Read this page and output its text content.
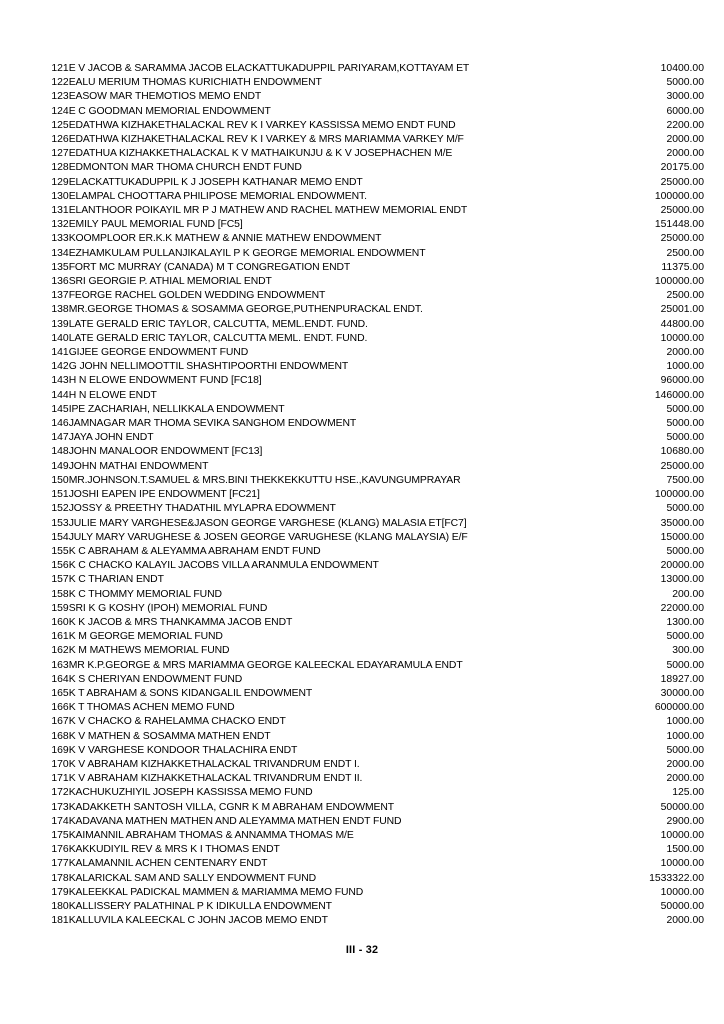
121	E V JACOB & SARAMMA JACOB ELACKATTUKADUPPIL PARIYARAM,KOTTAYAM ET	10400.00
122	EALU MERIUM THOMAS KURICHIATH ENDOWMENT	5000.00
123	EASOW MAR THEMOTIOS MEMO ENDT	3000.00
124	E C GOODMAN MEMORIAL ENDOWMENT	6000.00
125	EDATHWA KIZHAKETHALACKAL REV K I VARKEY KASSISSA MEMO ENDT FUND	2200.00
126	EDATHWA KIZHAKETHALACKAL REV K I VARKEY & MRS MARIAMMA VARKEY M/F	2000.00
127	EDATHUA KIZHAKKETHALACKAL K V MATHAIKUNJU & K V JOSEPHACHEN M/E	2000.00
128	EDMONTON MAR THOMA CHURCH ENDT FUND	20175.00
129	ELACKATTUKADUPPIL K J JOSEPH KATHANAR MEMO ENDT	25000.00
130	ELAMPAL CHOOTTARA PHILIPOSE MEMORIAL ENDOWMENT.	100000.00
131	ELANTHOOR POIKAYIL MR P J MATHEW AND RACHEL MATHEW MEMORIAL ENDT	25000.00
132	EMILY PAUL MEMORIAL FUND [FC5]	151448.00
133	KOOMPLOOR ER.K.K MATHEW & ANNIE MATHEW ENDOWMENT	25000.00
134	EZHAMKULAM PULLANJIKALAYIL P K GEORGE MEMORIAL ENDOWMENT	2500.00
135	FORT MC MURRAY (CANADA) M T CONGREGATION ENDT	11375.00
136	SRI GEORGIE P. ATHIAL MEMORIAL ENDT	100000.00
137	FEORGE RACHEL GOLDEN WEDDING ENDOWMENT	2500.00
138	MR.GEORGE THOMAS & SOSAMMA GEORGE,PUTHENPURACKAL ENDT.	25001.00
139	LATE GERALD ERIC TAYLOR, CALCUTTA, MEML.ENDT. FUND.	44800.00
140	LATE GERALD ERIC TAYLOR, CALCUTTA MEML. ENDT. FUND.	10000.00
141	GIJEE GEORGE ENDOWMENT FUND	2000.00
142	G JOHN NELLIMOOTTIL SHASHTIPOORTHI ENDOWMENT	1000.00
143	H N ELOWE ENDOWMENT FUND [FC18]	96000.00
144	H N ELOWE ENDT	146000.00
145	IPE ZACHARIAH, NELLIKKALA ENDOWMENT	5000.00
146	JAMNAGAR MAR THOMA SEVIKA SANGHOM ENDOWMENT	5000.00
147	JAYA JOHN ENDT	5000.00
148	JOHN MANALOOR ENDOWMENT [FC13]	10680.00
149	JOHN MATHAI ENDOWMENT	25000.00
150	MR.JOHNSON.T.SAMUEL & MRS.BINI THEKKEKKUTTU HSE.,KAVUNGUMPRAYAR	7500.00
151	JOSHI EAPEN IPE ENDOWMENT [FC21]	100000.00
152	JOSSY & PREETHY THADATHIL MYLAPRA EDOWMENT	5000.00
153	JULIE MARY VARGHESE&JASON GEORGE VARGHESE (KLANG) MALASIA ET[FC7]	35000.00
154	JULY MARY VARUGHESE & JOSEN GEORGE VARUGHESE (KLANG MALAYSIA) E/F	15000.00
155	K C ABRAHAM & ALEYAMMA ABRAHAM ENDT FUND	5000.00
156	K C CHACKO KALAYIL JACOBS VILLA ARANMULA ENDOWMENT	20000.00
157	K C THARIAN ENDT	13000.00
158	K C THOMMY MEMORIAL FUND	200.00
159	SRI K G KOSHY (IPOH) MEMORIAL FUND	22000.00
160	K K JACOB & MRS THANKAMMA JACOB ENDT	1300.00
161	K M GEORGE MEMORIAL FUND	5000.00
162	K M MATHEWS MEMORIAL FUND	300.00
163	MR K.P.GEORGE & MRS MARIAMMA GEORGE KALEECKAL EDAYARAMULA ENDT	5000.00
164	K S CHERIYAN ENDOWMENT FUND	18927.00
165	K T ABRAHAM & SONS KIDANGALIL ENDOWMENT	30000.00
166	K T THOMAS ACHEN MEMO FUND	600000.00
167	K V CHACKO & RAHELAMMA CHACKO ENDT	1000.00
168	K V MATHEN & SOSAMMA MATHEN ENDT	1000.00
169	K V VARGHESE KONDOOR THALACHIRA ENDT	5000.00
170	K V ABRAHAM KIZHAKKETHALACKAL TRIVANDRUM ENDT I.	2000.00
171	K V ABRAHAM KIZHAKKETHALACKAL TRIVANDRUM ENDT II.	2000.00
172	KACHUKUZHIYIL JOSEPH KASSISSA MEMO FUND	125.00
173	KADAKKETH SANTOSH VILLA, CGNR K M ABRAHAM ENDOWMENT	50000.00
174	KADAVANA MATHEN MATHEN AND ALEYAMMA MATHEN ENDT FUND	2900.00
175	KAIMANNIL ABRAHAM THOMAS & ANNAMMA THOMAS M/E	10000.00
176	KAKKUDIYIL REV & MRS K I THOMAS ENDT	1500.00
177	KALAMANNIL ACHEN CENTENARY ENDT	10000.00
178	KALARICKAL SAM AND SALLY ENDOWMENT FUND	1533322.00
179	KALEEKKAL PADICKAL MAMMEN & MARIAMMA MEMO FUND	10000.00
180	KALLISSERY PALATHINAL P K IDIKULLA ENDOWMENT	50000.00
181	KALLUVILA KALEECKAL C JOHN JACOB MEMO ENDT	2000.00
III - 32
